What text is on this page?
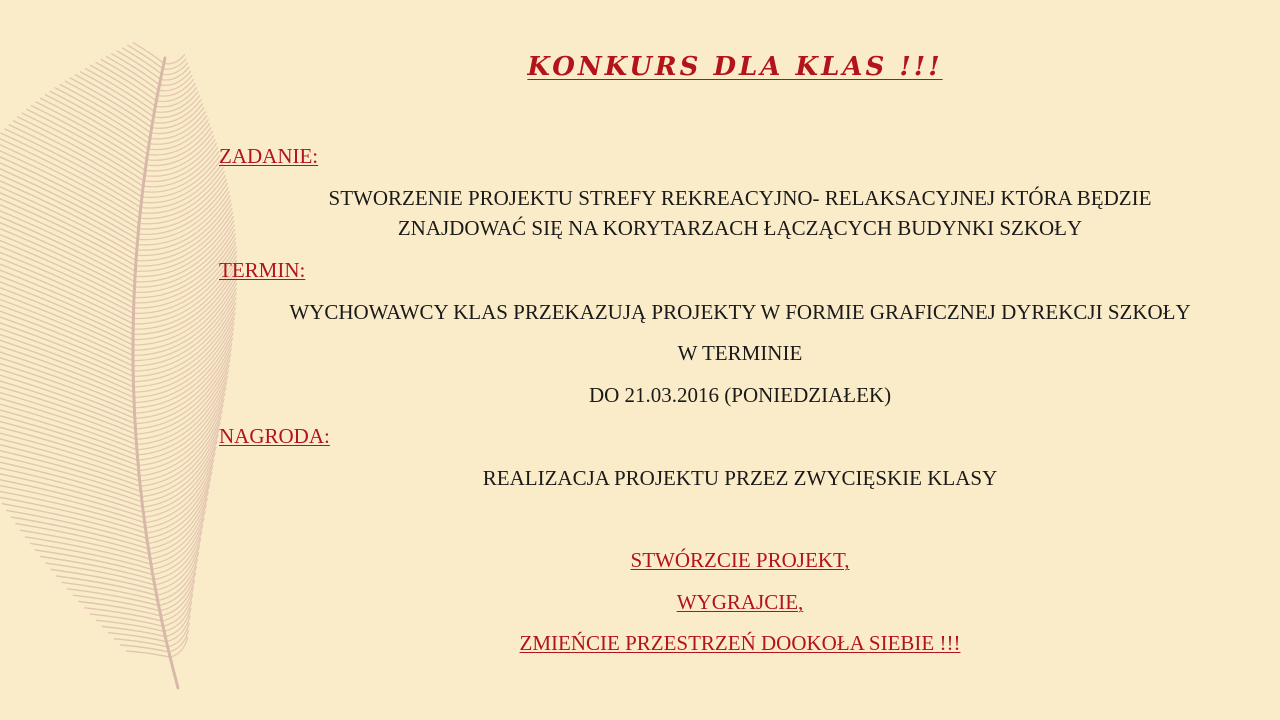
KONKURS DLA KLAS !!!
ZADANIE:
STWORZENIE PROJEKTU STREFY REKREACYJNO- RELAKSACYJNEJ KTÓRA BĘDZIE
ZNAJDOWAĆ SIĘ NA KORYTARZACH ŁĄCZĄCYCH BUDYNKI SZKOŁY
TERMIN:
WYCHOWAWCY KLAS PRZEKAZUJĄ PROJEKTY W FORMIE GRAFICZNEJ DYREKCJI SZKOŁY
W TERMINIE
DO 21.03.2016 (PONIEDZIAŁEK)
NAGRODA:
REALIZACJA PROJEKTU PRZEZ ZWYCIĘSKIE KLASY
STWÓRZCIE PROJEKT,
WYGRAJCIE,
ZMIEŃCIE PRZESTRZEŃ DOOKOŁA SIEBIE !!!
